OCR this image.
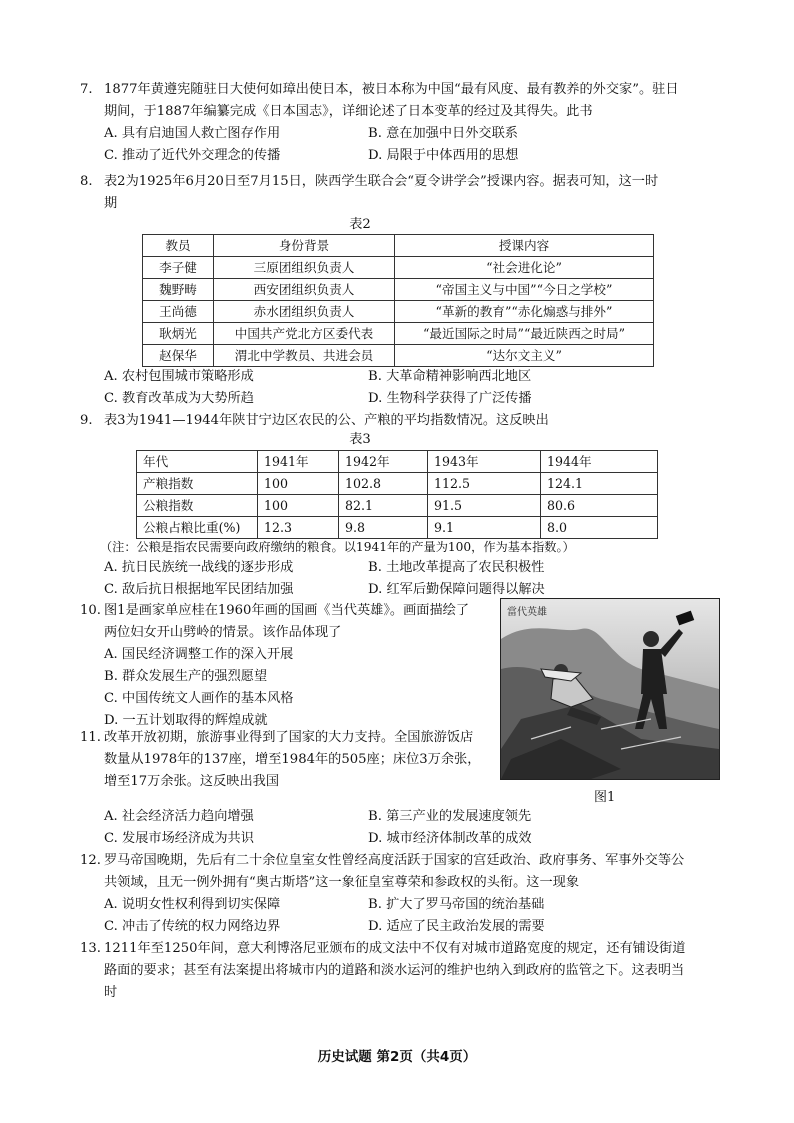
7. 1877年黄遵宪随驻日大使何如璋出使日本，被日本称为中国“最有风度、最有教养的外交家”。驻日
期间，于1887年编纂完成《日本国志》，详细论述了日本变革的经过及其得失。此书
A. 具有启迪国人救亡图存作用	B. 意在加强中日外交联系
C. 推动了近代外交理念的传播	D. 局限于中体西用的思想
8. 表2为1925年6月20日至7月15日，陕西学生联合会“夏令讲学会”授课内容。据表可知，这一时
期
表2
教员	身份背景	授课内容
李子健	三原团组织负责人	“社会进化论”
魏野畴	西安团组织负责人	“帝国主义与中国”“今日之学校”
王尚德	赤水团组织负责人	“革新的教育”“赤化煽惑与排外”
耿炳光	中国共产党北方区委代表	“最近国际之时局”“最近陕西之时局”
赵保华	渭北中学教员、共进会员	“达尔文主义”
A. 农村包围城市策略形成	B. 大革命精神影响西北地区
C. 教育改革成为大势所趋	D. 生物科学获得了广泛传播
9. 表3为1941—1944年陕甘宁边区农民的公、产粮的平均指数情况。这反映出
表3
年代	1941年	1942年	1943年	1944年
产粮指数	100	102.8	112.5	124.1
公粮指数	100	82.1	91.5	80.6
公粮占粮比重(%)	12.3	9.8	9.1	8.0
（注：公粮是指农民需要向政府缴纳的粮食。以1941年的产量为100，作为基本指数。）
A. 抗日民族统一战线的逐步形成	B. 土地改革提高了农民积极性
C. 敌后抗日根据地军民团结加强	D. 红军后勤保障问题得以解决
10. 图1是画家单应桂在1960年画的国画《当代英雄》。画面描绘了
两位妇女开山劈岭的情景。该作品体现了
A. 国民经济调整工作的深入开展
B. 群众发展生产的强烈愿望
C. 中国传统文人画作的基本风格
D. 一五计划取得的辉煌成就
當代英雄
图1
11. 改革开放初期，旅游事业得到了国家的大力支持。全国旅游饭店
数量从1978年的137座，增至1984年的505座；床位3万余张，
增至17万余张。这反映出我国
A. 社会经济活力趋向增强	B. 第三产业的发展速度领先
C. 发展市场经济成为共识	D. 城市经济体制改革的成效
12. 罗马帝国晚期，先后有二十余位皇室女性曾经高度活跃于国家的宫廷政治、政府事务、军事外交等公
共领域，且无一例外拥有“奥古斯塔”这一象征皇室尊荣和参政权的头衔。这一现象
A. 说明女性权利得到切实保障	B. 扩大了罗马帝国的统治基础
C. 冲击了传统的权力网络边界	D. 适应了民主政治发展的需要
13. 1211年至1250年间，意大利博洛尼亚颁布的成文法中不仅有对城市道路宽度的规定，还有铺设街道
路面的要求；甚至有法案提出将城市内的道路和淡水运河的维护也纳入到政府的监管之下。这表明当
时
历史试题 第2页（共4页）
